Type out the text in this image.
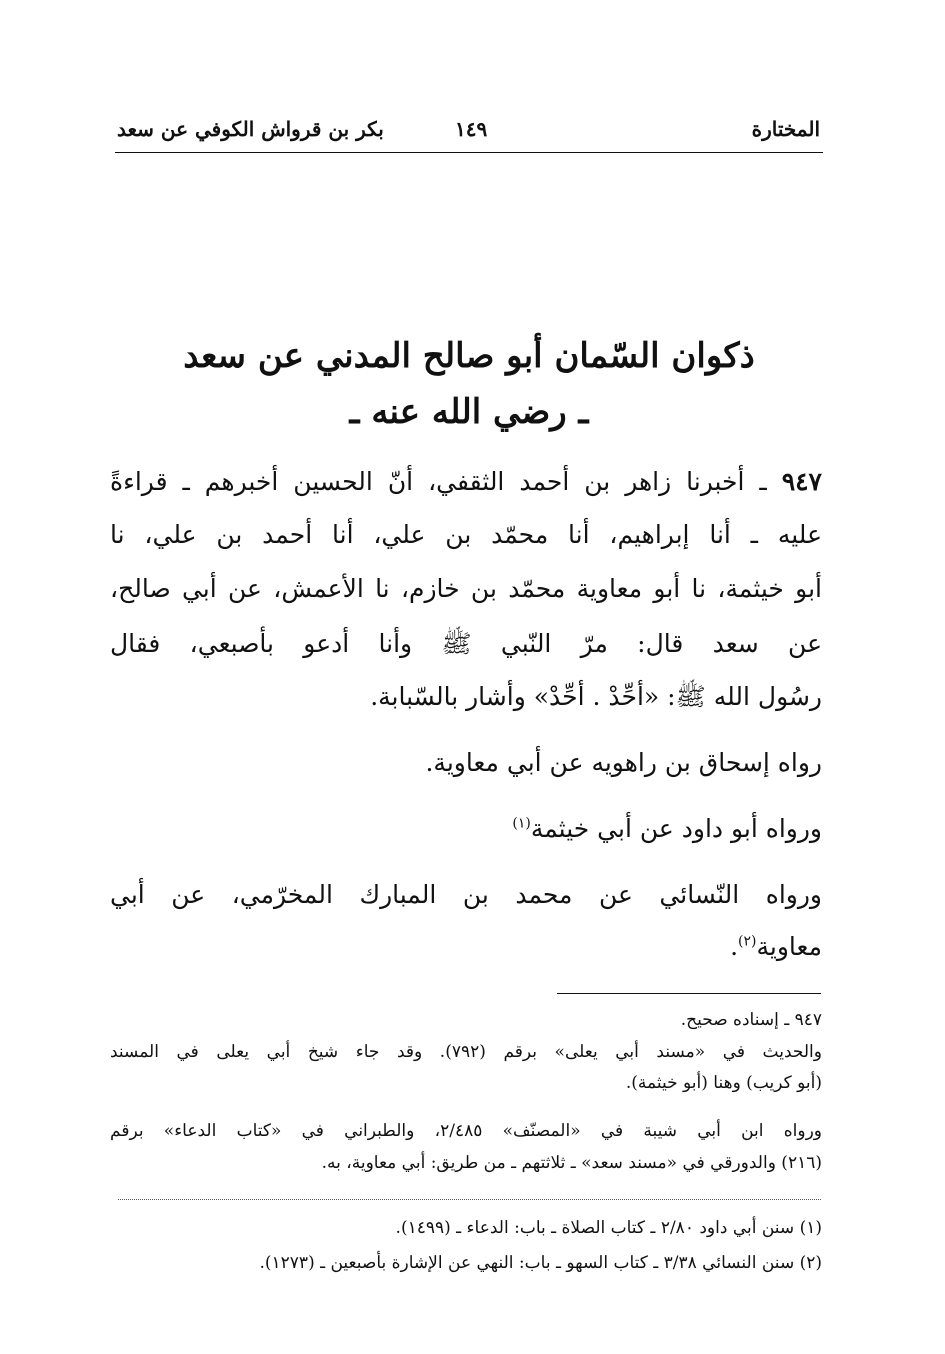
المختارة
١٤٩
بكر بن قرواش الكوفي عن سعد
ذكوان السّمان أبو صالح المدني عن سعد
ـ رضي الله عنه ـ
٩٤٧ ـ أخبرنا زاهر بن أحمد الثقفي، أنّ الحسين أخبرهم ـ قراءةً
عليه ـ أنا إبراهيم، أنا محمّد بن علي، أنا أحمد بن علي، نا
أبو خيثمة، نا أبو معاوية محمّد بن خازم، نا الأعمش، عن أبي صالح،
عن سعد قال: مرّ النّبي ﷺ وأنا أدعو بأصبعي، فقال
رسُول الله ﷺ: «أحِّدْ . أحِّدْ» وأشار بالسّبابة.
رواه إسحاق بن راهويه عن أبي معاوية.
ورواه أبو داود عن أبي خيثمة$^{(١)}$
ورواه النّسائي عن محمد بن المبارك المخرّمي، عن أبي
معاوية$^{(٢)}$.
٩٤٧ ـ إسناده صحيح.
والحديث في «مسند أبي يعلى» برقم (٧٩٢). وقد جاء شيخ أبي يعلى في المسند
(أبو كريب) وهنا (أبو خيثمة).
ورواه ابن أبي شيبة في «المصنّف» ٢/٤٨٥، والطبراني في «كتاب الدعاء» برقم
(٢١٦) والدورقي في «مسند سعد» ـ ثلاثتهم ـ من طريق: أبي معاوية، به.
(١) سنن أبي داود ٢/٨٠ ـ كتاب الصلاة ـ باب: الدعاء ـ (١٤٩٩).
(٢) سنن النسائي ٣/٣٨ ـ كتاب السهو ـ باب: النهي عن الإشارة بأصبعين ـ (١٢٧٣).
